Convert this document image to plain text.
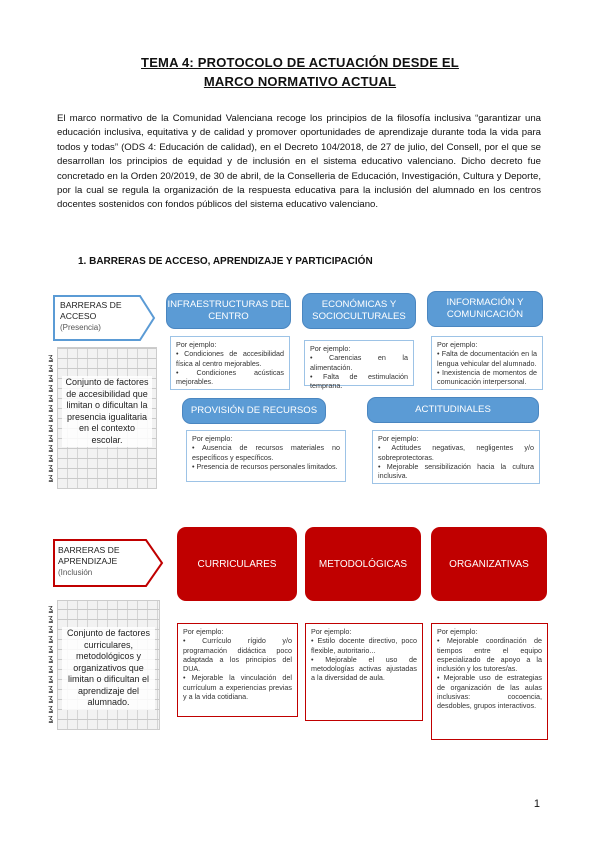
TEMA 4: PROTOCOLO DE ACTUACIÓN DESDE EL
MARCO NORMATIVO ACTUAL

El marco normativo de la Comunidad Valenciana recoge los principios de la filosofía inclusiva “garantizar una educación inclusiva, equitativa y de calidad y promover oportunidades de aprendizaje durante toda la vida para todos y todas” (ODS 4: Educación de calidad), en el Decreto 104/2018, de 27 de julio, del Consell, por el que se desarrollan los principios de equidad y de inclusión en el sistema educativo valenciano. Dicho decreto fue concretado en la Orden 20/2019, de 30 de abril, de la Conselleria de Educación, Investigación, Cultura y Deporte, por la cual se regula la organización de la respuesta educativa para la inclusión del alumnado en los centros docentes sostenidos con fondos públicos del sistema educativo valenciano.

1. BARRERAS DE ACCESO, APRENDIZAJE Y PARTICIPACIÓN
BARRERAS DE
ACCESO
(Presencia)
Conjunto de factores de accesibilidad que limitan o dificultan la presencia igualitaria en el contexto escolar.
ʓ
ʓ
ʓ
ʓ
ʓ
ʓ
ʓ
ʓ
ʓ
ʓ
ʓ
ʓ
ʓ
INFRAESTRUCTURAS DEL CENTRO
Por ejemplo:
• Condiciones de accesibilidad física al centro mejorables.
• Condiciones acústicas mejorables.
ECONÓMICAS Y SOCIOCULTURALES
Por ejemplo:
• Carencias en la alimentación.
• Falta de estimulación temprana.
INFORMACIÓN Y COMUNICACIÓN
Por ejemplo:
• Falta de documentación en la lengua vehicular del alumnado.
• Inexistencia de momentos de comunicación interpersonal.
PROVISIÓN DE RECURSOS
Por ejemplo:
• Ausencia de recursos materiales no específicos y específicos.
• Presencia de recursos personales limitados.
ACTITUDINALES
Por ejemplo:
• Actitudes negativas, negligentes y/o sobreprotectoras.
• Mejorable sensibilización hacia la cultura inclusiva.
BARRERAS DE
APRENDIZAJE
(Inclusión
Conjunto de factores curriculares, metodológicos y organizativos que limitan o dificultan el aprendizaje del alumnado.
ʓ
ʓ
ʓ
ʓ
ʓ
ʓ
ʓ
ʓ
ʓ
ʓ
ʓ
ʓ
CURRICULARES
Por ejemplo:
• Currículo rígido y/o programación didáctica poco adaptada a los principios del DUA.
• Mejorable la vinculación del currículum a experiencias previas y a la vida cotidiana.
METODOLÓGICAS
Por ejemplo:
• Estilo docente directivo, poco flexible, autoritario...
• Mejorable el uso de metodologías activas ajustadas a la diversidad de aula.
ORGANIZATIVAS
Por ejemplo:
• Mejorable coordinación de tiempos entre el equipo especializado de apoyo a la inclusión y los tutores/as.
• Mejorable uso de estrategias de organización de las aulas inclusivas: cocoencia, desdobles, grupos interactivos.
1
